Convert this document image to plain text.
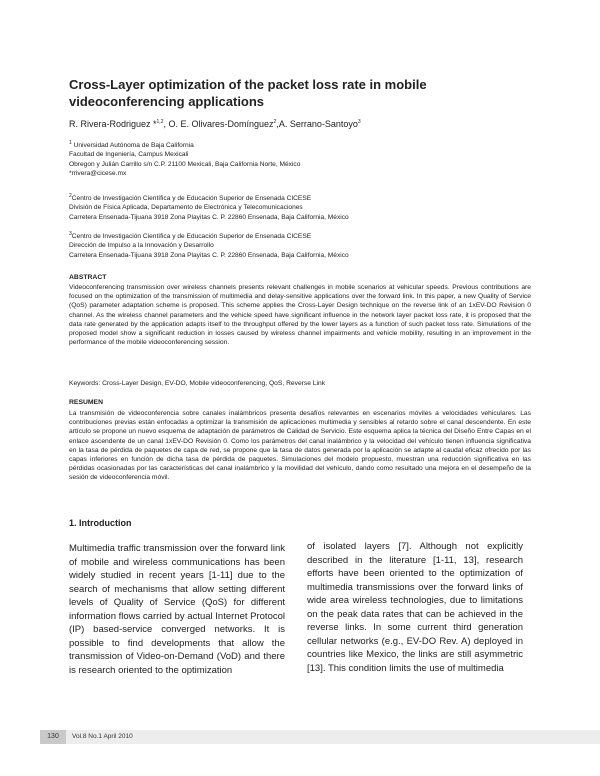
Cross-Layer optimization of the packet loss rate in mobile videoconferencing applications
R. Rivera-Rodriguez *$^{1,2}$, O. E. Olivares-Domínguez$^2$,A. Serrano-Santoyo$^3$
$^1$ Universidad Autónoma de Baja California
Facultad de Ingeniería, Campus Mexicali
Obregon y Julián Carrillo s/n C.P. 21100 Mexicali, Baja California Norte, México
*rrivera@cicese.mx
$^2$Centro de Investigación Científica y de Educación Superior de Ensenada CICESE
División de Física Aplicada, Departamento de Electrónica y Telecomunicaciones
Carretera Ensenada-Tijuana 3918 Zona Playitas C. P. 22860 Ensenada, Baja California, México
$^3$Centro de Investigación Científica y de Educación Superior de Ensenada CICESE
Dirección de Impulso a la Innovación y Desarrollo
Carretera Ensenada-Tijuana 3918 Zona Playitas C. P. 22860 Ensenada, Baja California, México
ABSTRACT
Videoconferencing transmission over wireless channels presents relevant challenges in mobile scenarios at vehicular speeds. Previous contributions are focused on the optimization of the transmission of multimedia and delay-sensitive applications over the forward link. In this paper, a new Quality of Service (QoS) parameter adaptation scheme is proposed. This scheme applies the Cross-Layer Design technique on the reverse link of an 1xEV-DO Revision 0 channel. As the wireless channel parameters and the vehicle speed have significant influence in the network layer packet loss rate, it is proposed that the data rate generated by the application adapts itself to the throughput offered by the lower layers as a function of such packet loss rate. Simulations of the proposed model show a significant reduction in losses caused by wireless channel impairments and vehicle mobility, resulting in an improvement in the performance of the mobile videoconferencing session.
Keywords: Cross-Layer Design, EV-DO, Mobile videoconferencing, QoS, Reverse Link
RESUMEN
La transmisión de videoconferencia sobre canales inalámbricos presenta desafíos relevantes en escenarios móviles a velocidades vehiculares. Las contribuciones previas están enfocadas a optimizar la transmisión de aplicaciones multimedia y sensibles al retardo sobre el canal descendente. En este artículo se propone un nuevo esquema de adaptación de parámetros de Calidad de Servicio. Este esquema aplica la técnica del Diseño Entre Capas en el enlace ascendente de un canal 1xEV-DO Revisión 0. Como los parámetros del canal inalámbrico y la velocidad del vehículo tienen influencia significativa en la tasa de pérdida de paquetes de capa de red, se propone que la tasa de datos generada por la aplicación se adapte al caudal eficaz ofrecido por las capas inferiores en función de dicha tasa de pérdida de paquetes. Simulaciones del modelo propuesto, muestran una reducción significativa en las pérdidas ocasionadas por las características del canal inalámbrico y la movilidad del vehículo, dando como resultado una mejora en el desempeño de la sesión de videoconferencia móvil.
1. Introduction
Multimedia traffic transmission over the forward link of mobile and wireless communications has been widely studied in recent years [1-11] due to the search of mechanisms that allow setting different levels of Quality of Service (QoS) for different information flows carried by actual Internet Protocol (IP) based-service converged networks. It is possible to find developments that allow the transmission of Video-on-Demand (VoD) and there is research oriented to the optimization
of isolated layers [7]. Although not explicitly described in the literature [1-11, 13], research efforts have been oriented to the optimization of multimedia transmissions over the forward links of wide area wireless technologies, due to limitations on the peak data rates that can be achieved in the reverse links. In some current third generation cellular networks (e.g., EV-DO Rev. A) deployed in countries like Mexico, the links are still asymmetric [13]. This condition limits the use of multimedia
130	Vol.8 No.1 April 2010
